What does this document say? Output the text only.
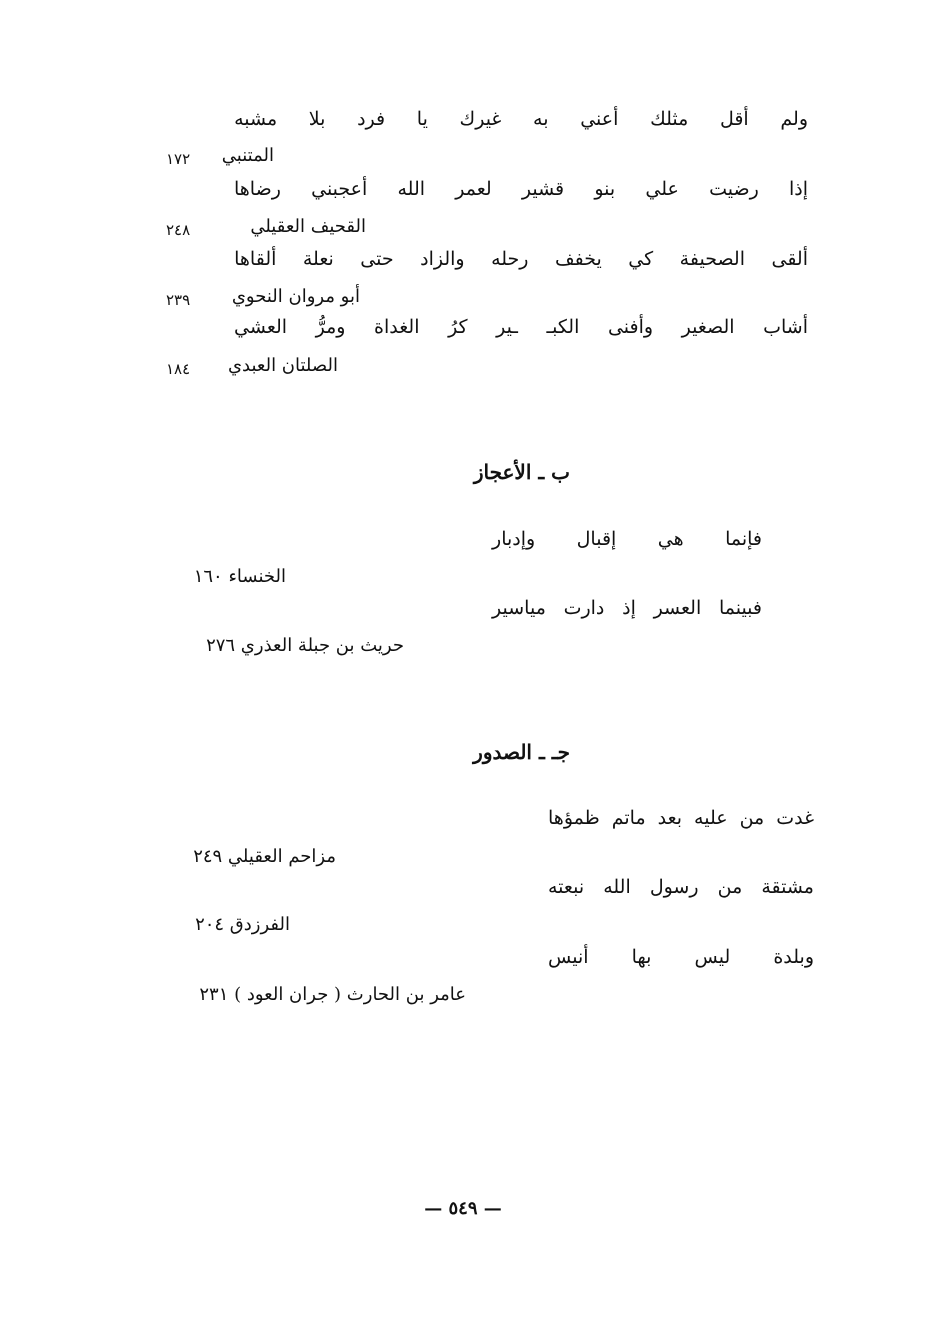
ولم
أقل
مثلك
أعني
به
غيرك
يا
فرد
بلا
مشبه
المتنبي
١٧٢
إذا
رضيت
علي
بنو
قشير
لعمر
الله
أعجبني
رضاها
القحيف العقيلي
٢٤٨
ألقى
الصحيفة
كي
يخفف
رحله
والزاد
حتى
نعلة
ألقاها
أبو مروان النحوي
٢٣٩
أشاب
الصغير
وأفنى
الكبـ
ـير
كرُ
الغداة
ومرُّ
العشي
الصلتان العبدي
١٨٤
ب ـ الأعجاز
فإنما
هي
إقبال
وإدبار
الخنساء ١٦٠
فبينما
العسر
إذ
دارت
مياسير
حريث بن جبلة العذري ٢٧٦
جـ ـ الصدور
غدت
من
عليه
بعد
ماتم
ظمؤها
مزاحم العقيلي ٢٤٩
مشتقة
من
رسول
الله
نبعته
الفرزدق ٢٠٤
وبلدة
ليس
بها
أنيس
عامر بن الحارث ( جران العود ) ٢٣١
— ٥٤٩ —
